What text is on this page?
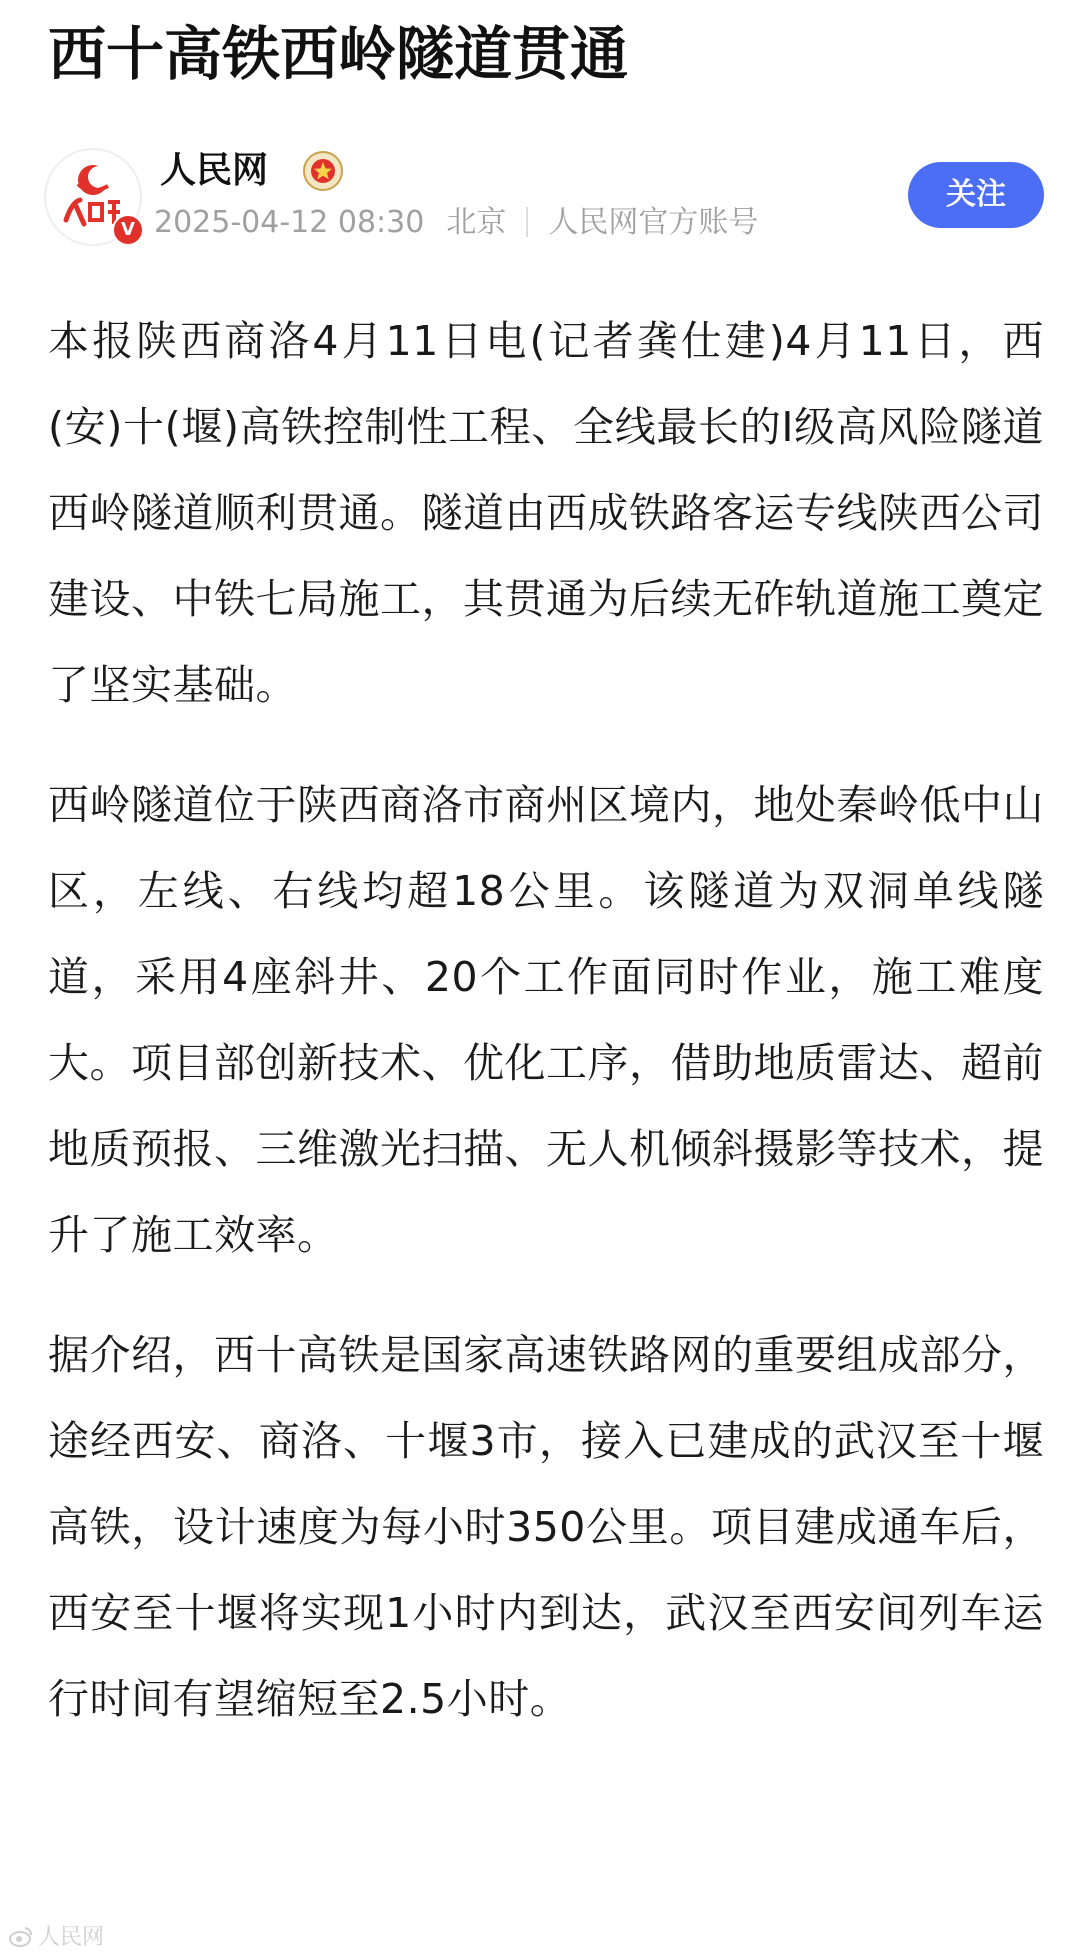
西十高铁西岭隧道贯通
V
人民网
2025-04-12 08:30 北京 人民网官方账号
关注

本报陕西商洛4月11日电(记者龚仕建)4月11日，西(安)十(堰)高铁控制性工程、全线最长的I级高风险隧道西岭隧道顺利贯通。隧道由西成铁路客运专线陕西公司建设、中铁七局施工，其贯通为后续无砟轨道施工奠定了坚实基础。

西岭隧道位于陕西商洛市商州区境内，地处秦岭低中山区，左线、右线均超18公里。该隧道为双洞单线隧道，采用4座斜井、20个工作面同时作业，施工难度大。项目部创新技术、优化工序，借助地质雷达、超前地质预报、三维激光扫描、无人机倾斜摄影等技术，提升了施工效率。

据介绍，西十高铁是国家高速铁路网的重要组成部分，途经西安、商洛、十堰3市，接入已建成的武汉至十堰高铁，设计速度为每小时350公里。项目建成通车后，西安至十堰将实现1小时内到达，武汉至西安间列车运行时间有望缩短至2.5小时。

人民网
